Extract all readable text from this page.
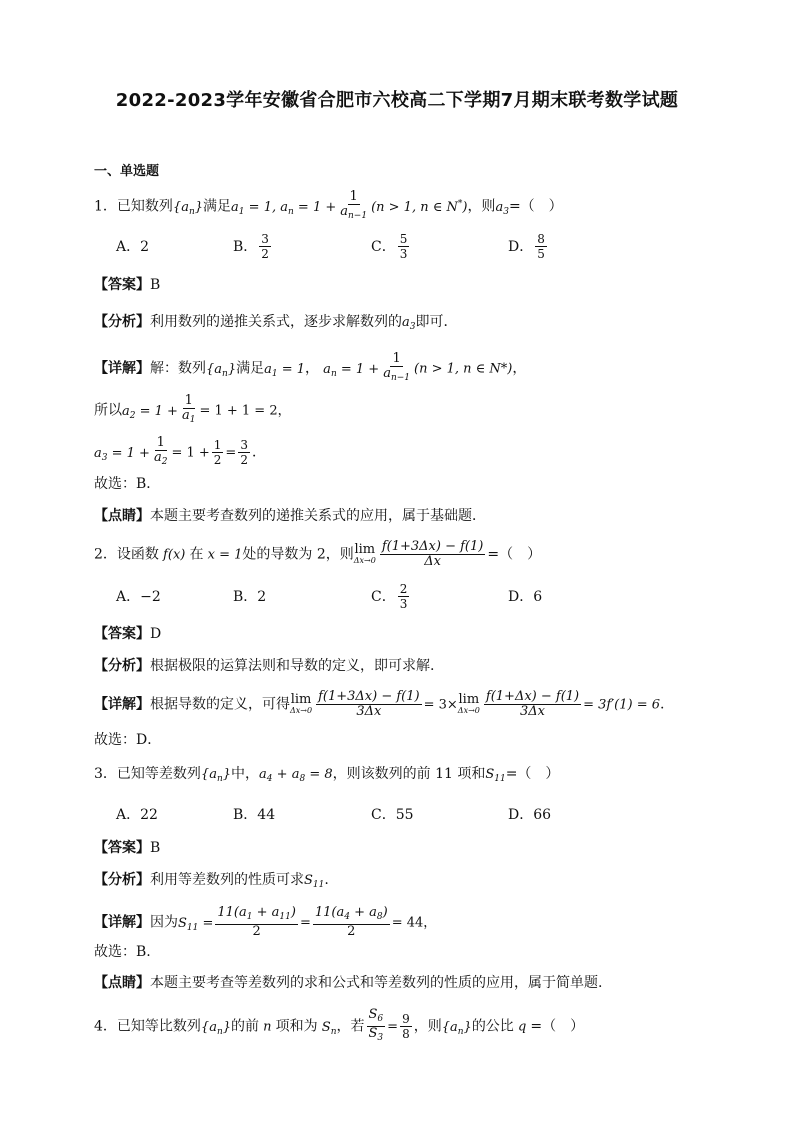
2022-2023学年安徽省合肥市六校高二下学期7月期末联考数学试题
一、单选题
1．已知数列$\{a_n\}$满足$a_1 = 1$, $a_n = 1 + \frac{1}{a_{n-1}} (n > 1$, n ∈ N*)，则$a_3=$（　）
A．2	B． $\frac{3}{2}$	C． $\frac{5}{3}$	D． $\frac{8}{5}$
【答案】B
【分析】利用数列的递推关系式，逐步求解数列的$a_3$即可．
【详解】解：数列$\{a_n\}$满足$a_1 = 1$， $a_n = 1 + \frac{1}{a_{n-1}} (n > 1$, n ∈ N*)，
所以$a_2 = 1 + \frac{1}{a_1} = 1 + 1 = 2$，
$a_3 = 1 + \frac{1}{a_2} = 1 + \frac{1}{2} = \frac{3}{2}$ ．
故选：B．
【点睛】本题主要考查数列的递推关系式的应用，属于基础题．
2．设函数 f(x) 在 x = 1处的导数为 2，则 lim
$\Delta x\to 0 \frac{f(1+3\Delta x) - f(1)}{\Delta x}$ =（　）
A．−2	B．2	C． $\frac{2}{3}$	D．6
【答案】D
【分析】根据极限的运算法则和导数的定义，即可求解.
【详解】根据导数的定义，可得 lim
$\Delta x\to 0 \frac{f(1+3\Delta x) - f(1)}{3\Delta x} = 3\times \lim$
$\Delta x\to 0 \frac{f(1+\Delta x) - f(1)}{3\Delta x} = 3f'(1) = 6$.
故选：D．
3．已知等差数列$\{a_n\}$中，$a_4 + a_8 = 8$，则该数列的前 11 项和$S_{11}=$（　）
A．22	B．44	C．55	D．66
【答案】B
【分析】利用等差数列的性质可求$S_{11}$.
【详解】因为$S_{11} = \frac{11(a_1 + a_{11})}{2} = \frac{11(a_4 + a_8)}{2} = 44$，
故选：B.
【点睛】本题主要考查等差数列的求和公式和等差数列的性质的应用，属于简单题.
4．已知等比数列$\{a_n\}$的前 n 项和为 $S_n$，若 $\frac{S_6}{S_3} = \frac{9}{8}$ ，则$\{a_n\}$的公比 q =（　）
